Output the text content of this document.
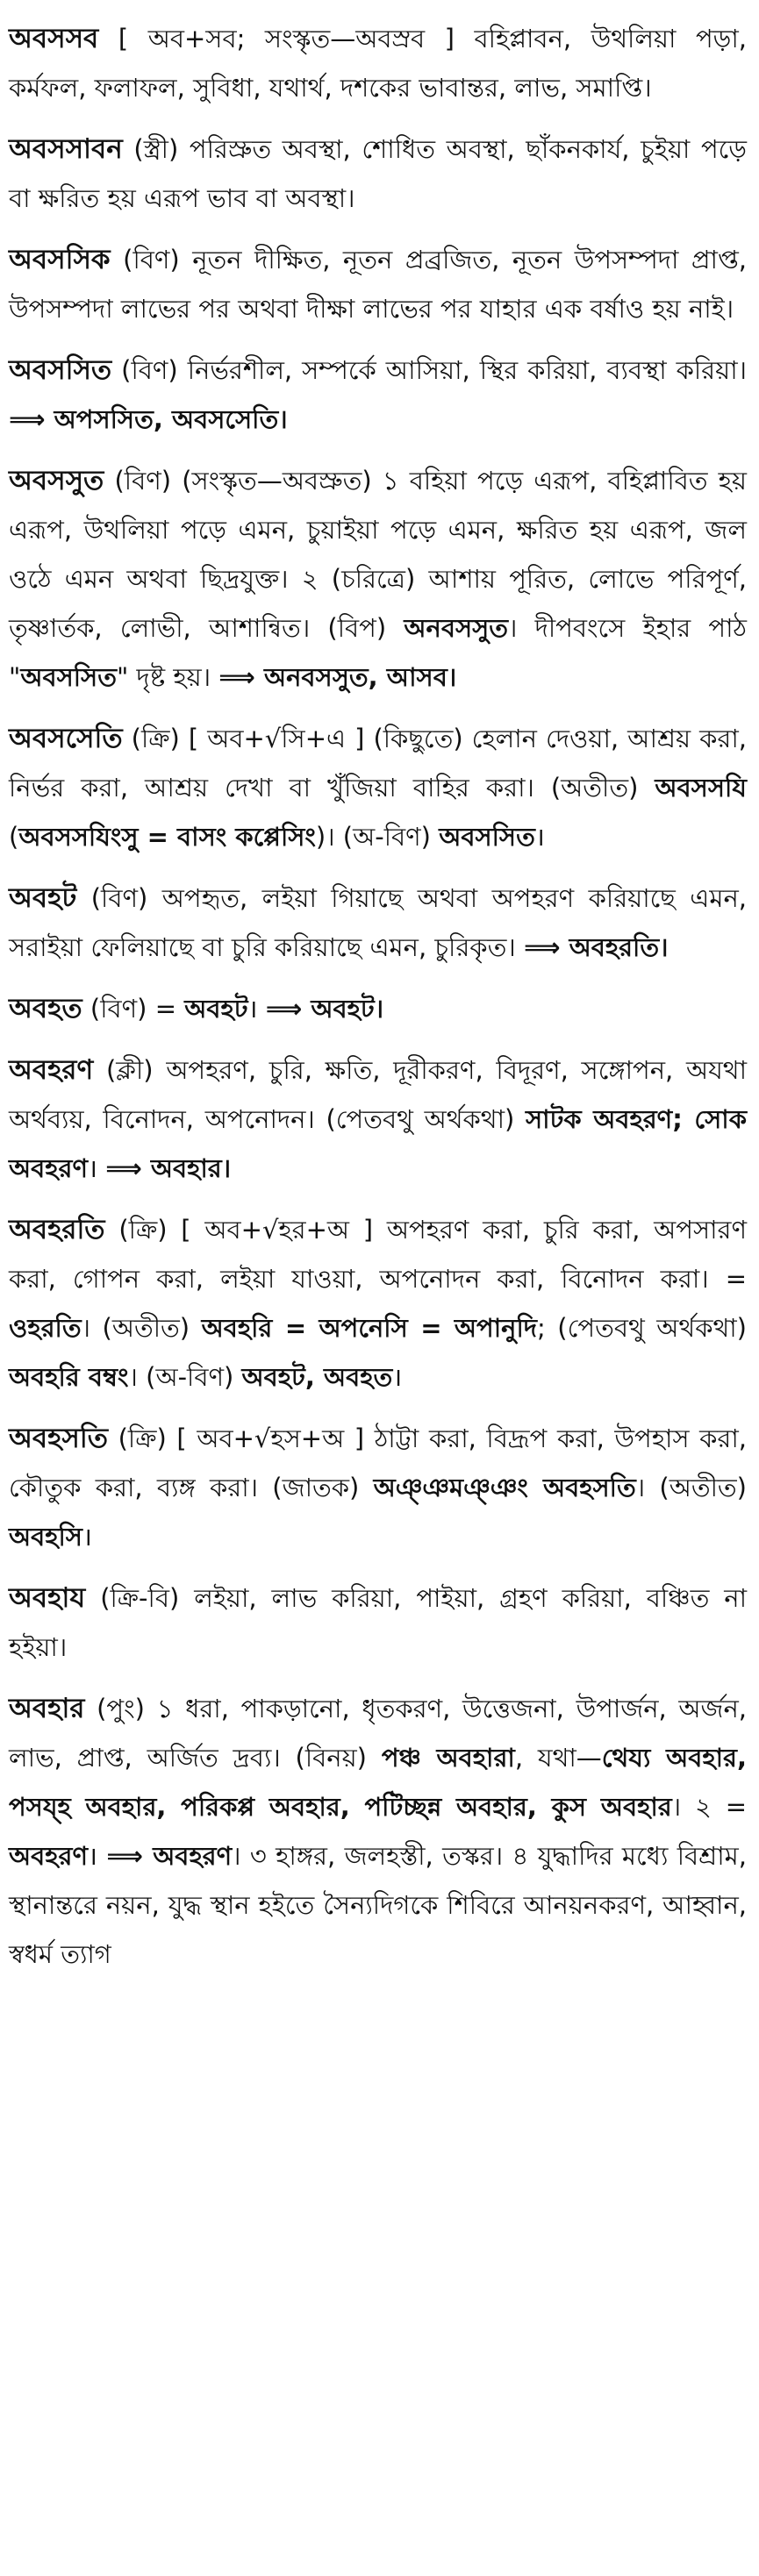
অবসসব [ অব+সব; সংস্কৃত—অবস্রব ] বহিপ্লাবন, উথলিয়া পড়া, কর্মফল, ফলাফল, সুবিধা, যথার্থ, দশকের ভাবান্তর, লাভ, সমাপ্তি।

অবসসাবন (স্ত্রী) পরিস্রুত অবস্থা, শোধিত অবস্থা, ছাঁকনকার্য, চুইয়া পড়ে বা ক্ষরিত হয় এরূপ ভাব বা অবস্থা।

অবসসিক (বিণ) নূতন দীক্ষিত, নূতন প্রব্রজিত, নূতন উপসম্পদা প্রাপ্ত, উপসম্পদা লাভের পর অথবা দীক্ষা লাভের পর যাহার এক বর্ষাও হয় নাই।

অবসসিত (বিণ) নির্ভরশীল, সম্পর্কে আসিয়া, স্থির করিয়া, ব্যবস্থা করিয়া। ⟹ অপসসিত, অবসসেতি।

অবসসুত (বিণ) (সংস্কৃত—অবস্রুত) ১ বহিয়া পড়ে এরূপ, বহিপ্লাবিত হয় এরূপ, উথলিয়া পড়ে এমন, চুয়াইয়া পড়ে এমন, ক্ষরিত হয় এরূপ, জল ওঠে এমন অথবা ছিদ্রযুক্ত। ২ (চরিত্রে) আশায় পূরিত, লোভে পরিপূর্ণ, তৃষ্ণার্তক, লোভী, আশান্বিত। (বিপ) অনবসসুত। দীপবংসে ইহার পাঠ "অবসসিত" দৃষ্ট হয়। ⟹ অনবসসুত, আসব।

অবসসেতি (ক্রি) [ অব+√সি+এ ] (কিছুতে) হেলান দেওয়া, আশ্রয় করা, নির্ভর করা, আশ্রয় দেখা বা খুঁজিয়া বাহির করা। (অতীত) অবসসযি (অবসসযিংসু = বাসং কপ্পেসিং)। (অ-বিণ) অবসসিত।

অবহট (বিণ) অপহৃত, লইয়া গিয়াছে অথবা অপহরণ করিয়াছে এমন, সরাইয়া ফেলিয়াছে বা চুরি করিয়াছে এমন, চুরিকৃত। ⟹ অবহরতি।

অবহত (বিণ) = অবহট। ⟹ অবহট।

অবহরণ (ক্লী) অপহরণ, চুরি, ক্ষতি, দূরীকরণ, বিদূরণ, সঙ্গোপন, অযথা অর্থব্যয়, বিনোদন, অপনোদন। (পেতবথু অর্থকথা) সাটক অবহরণ; সোক অবহরণ। ⟹ অবহার।

অবহরতি (ক্রি) [ অব+√হর+অ ] অপহরণ করা, চুরি করা, অপসারণ করা, গোপন করা, লইয়া যাওয়া, অপনোদন করা, বিনোদন করা। = ওহরতি। (অতীত) অবহরি = অপনেসি = অপানুদি; (পেতবথু অর্থকথা) অবহরি বম্বং। (অ-বিণ) অবহট, অবহত।

অবহসতি (ক্রি) [ অব+√হস+অ ] ঠাট্টা করা, বিদ্রূপ করা, উপহাস করা, কৌতুক করা, ব্যঙ্গ করা। (জাতক) অঞ্ঞমঞ্ঞং অবহসতি। (অতীত) অবহসি।

অবহায (ক্রি-বি) লইয়া, লাভ করিয়া, পাইয়া, গ্রহণ করিয়া, বঞ্চিত না হইয়া।

অবহার (পুং) ১ ধরা, পাকড়ানো, ধৃতকরণ, উত্তেজনা, উপার্জন, অর্জন, লাভ, প্রাপ্ত, অর্জিত দ্রব্য। (বিনয়) পঞ্চ অবহারা, যথা—থেয্য অবহার, পসয্হ অবহার, পরিকপ্প অবহার, পটিচ্ছন্ন অবহার, কুস অবহার। ২ = অবহরণ। ⟹ অবহরণ। ৩ হাঙ্গর, জলহস্তী, তস্কর। ৪ যুদ্ধাদির মধ্যে বিশ্রাম, স্থানান্তরে নয়ন, যুদ্ধ স্থান হইতে সৈন্যদিগকে শিবিরে আনয়নকরণ, আহ্বান, স্বধর্ম ত্যাগ
